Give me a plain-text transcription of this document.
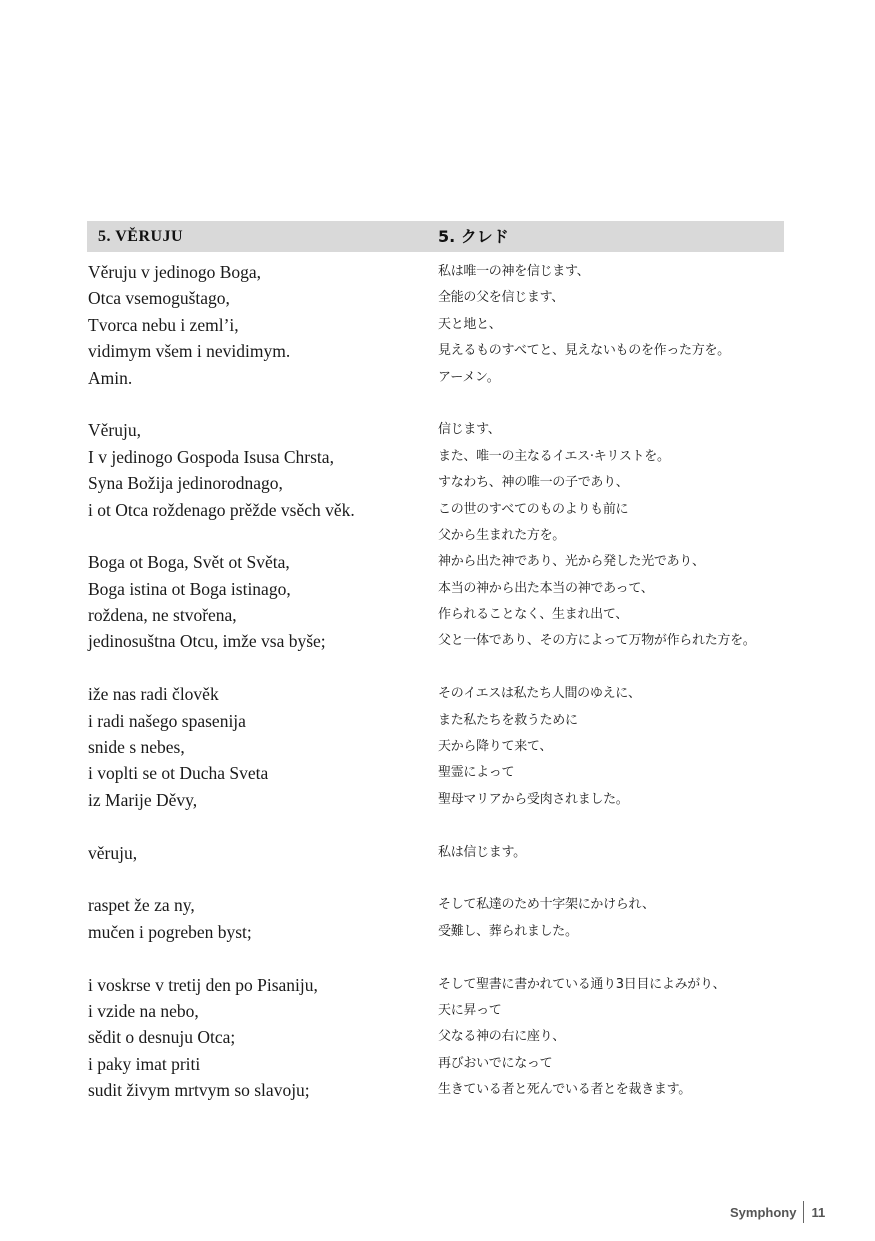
5. VĚRUJU	5. クレド
Věruju v jedinogo Boga,
Otca vsemoguštago,
Tvorca nebu i zeml’i,
vidimym všem i nevidimym.
Amin.
Věruju,
I v jedinogo Gospoda Isusa Chrsta,
Syna Božija jedinorodnago,
i ot Otca roždenago prěžde vsěch věk.
Boga ot Boga, Svět ot Světa,
Boga istina ot Boga istinago,
roždena, ne stvořena,
jedinosuštna Otcu, imže vsa byše;
iže nas radi člověk
i radi našego spasenija
snide s nebes,
i voplti se ot Ducha Sveta
iz Marije Děvy,
věruju,
raspet že za ny,
mučen i pogreben byst;
i voskrse v tretij den po Pisaniju,
i vzide na nebo,
sědit o desnuju Otca;
i paky imat priti
sudit živym mrtvym so slavoju;
私は唯一の神を信じます、
全能の父を信じます、
天と地と、
見えるものすべてと、見えないものを作った方を。
アーメン。
信じます、
また、唯一の主なるイエス·キリストを。
すなわち、神の唯一の子であり、
この世のすべてのものよりも前に
父から生まれた方を。
神から出た神であり、光から発した光であり、
本当の神から出た本当の神であって、
作られることなく、生まれ出て、
父と一体であり、その方によって万物が作られた方を。
そのイエスは私たち人間のゆえに、
また私たちを救うために
天から降りて来て、
聖霊によって
聖母マリアから受肉されました。
私は信じます。
そして私達のため十字架にかけられ、
受難し、葬られました。
そして聖書に書かれている通り3日目によみがり、
天に昇って
父なる神の右に座り、
再びおいでになって
生きている者と死んでいる者とを裁きます。
Symphony 11
